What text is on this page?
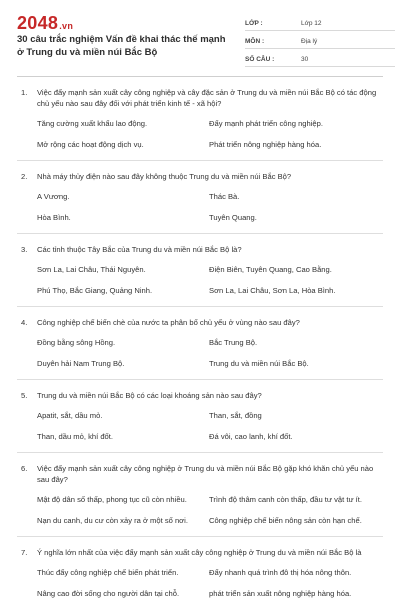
2048.vn
30 câu trắc nghiệm Vấn đề khai thác thế mạnh ở Trung du và miền núi Bắc Bộ
LỚP :	Lớp 12
MÔN :	Địa lý
SỐ CÂU :	30
1.	Việc đẩy mạnh sản xuất cây công nghiệp và cây đặc sản ở Trung du và miền núi Bắc Bộ có tác động chủ yếu nào sau đây đối với phát triển kinh tế - xã hội?
Tăng cường xuất khẩu lao động.	Đẩy mạnh phát triển công nghiệp.
Mở rộng các hoạt động dịch vụ.	Phát triển nông nghiệp hàng hóa.
2.	Nhà máy thủy điện nào sau đây không thuộc Trung du và miền núi Bắc Bộ?
A Vương.	Thác Bà.
Hòa Bình.	Tuyên Quang.
3.	Các tỉnh thuộc Tây Bắc của Trung du và miền núi Bắc Bộ là?
Sơn La, Lai Châu, Thái Nguyên.	Điện Biên, Tuyên Quang, Cao Bằng.
Phú Thọ, Bắc Giang, Quảng Ninh.	Sơn La, Lai Châu, Sơn La, Hòa Bình.
4.	Công nghiệp chế biến chè của nước ta phân bố chủ yếu ở vùng nào sau đây?
Đồng bằng sông Hồng.	Bắc Trung Bộ.
Duyên hải Nam Trung Bộ.	Trung du và miền núi Bắc Bộ.
5.	Trung du và miền núi Bắc Bộ có các loại khoáng sản nào sau đây?
Apatit, sắt, dầu mỏ.	Than, sắt, đồng
Than, dầu mỏ, khí đốt.	Đá vôi, cao lanh, khí đốt.
6.	Việc đẩy mạnh sản xuất cây công nghiệp ở Trung du và miền núi Bắc Bộ gặp khó khăn chủ yếu nào sau đây?
Mật độ dân số thấp, phong tục cũ còn nhiều.	Trình độ thâm canh còn thấp, đầu tư vật tư ít.
Nạn du canh, du cư còn xảy ra ở một số nơi.	Công nghiệp chế biến nông sản còn hạn chế.
7.	Ý nghĩa lớn nhất của việc đẩy mạnh sản xuất cây công nghiệp ở Trung du và miền núi Bắc Bộ là
Thúc đẩy công nghiệp chế biến phát triển.	Đẩy nhanh quá trình đô thị hóa nông thôn.
Nâng cao đời sống cho người dân tại chỗ.	phát triển sản xuất nông nghiệp hàng hóa.
